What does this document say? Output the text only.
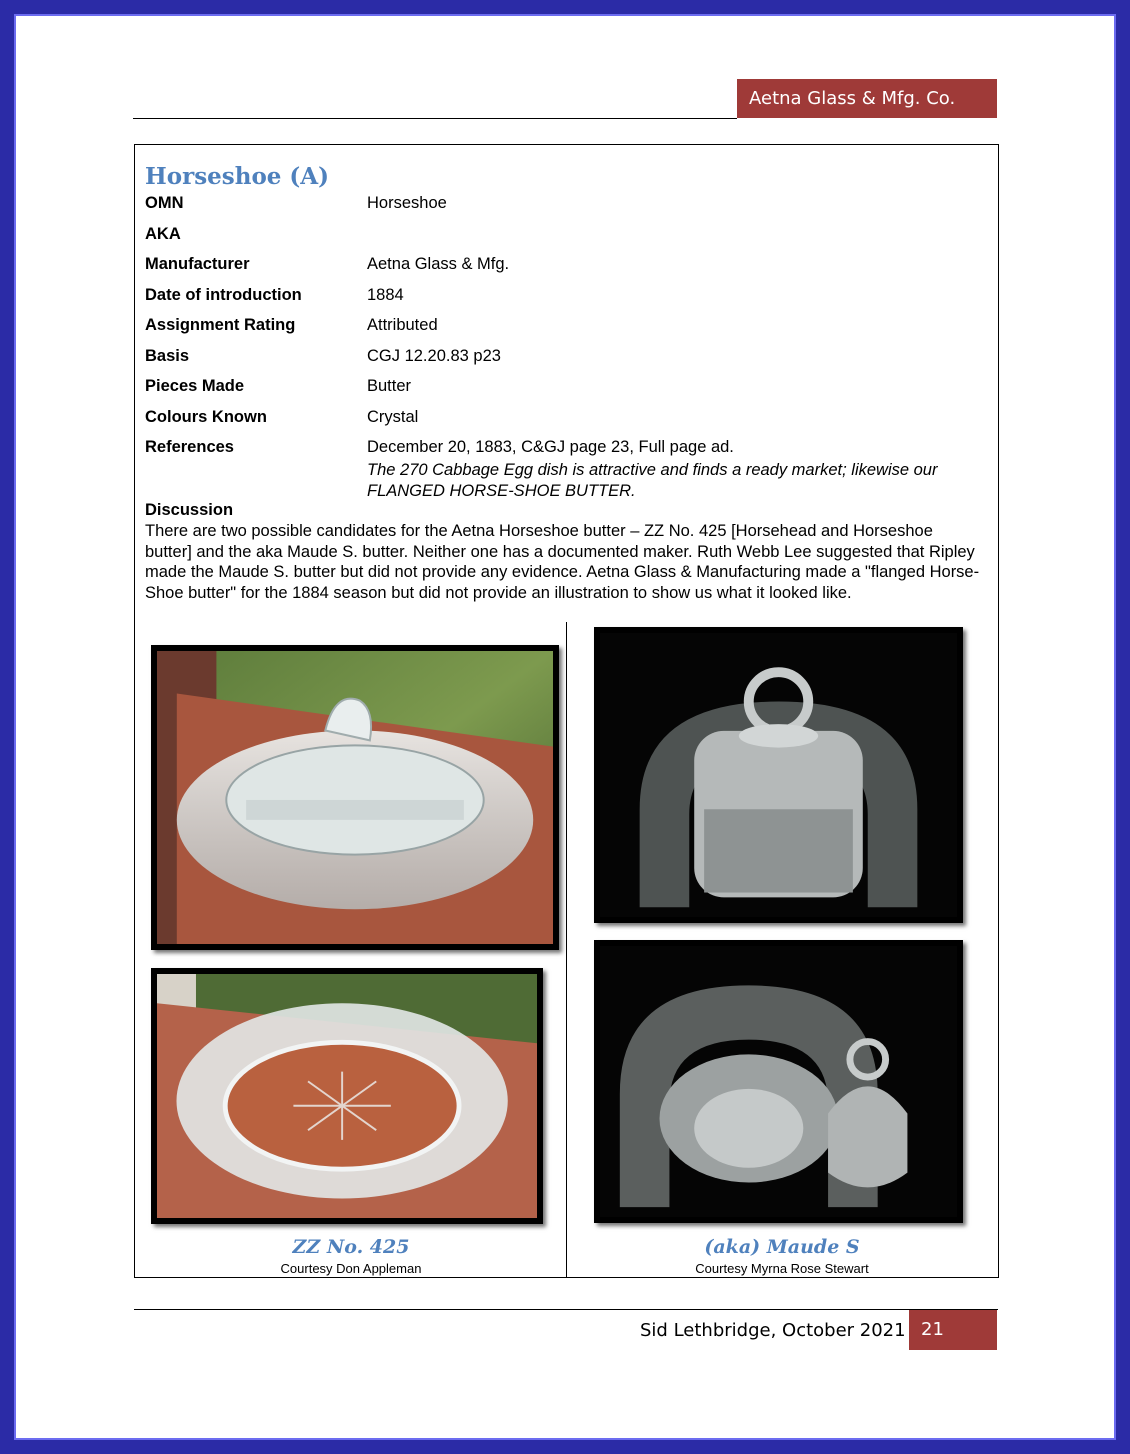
Aetna Glass & Mfg. Co.
Horseshoe (A)
OMN	Horseshoe
AKA
Manufacturer	Aetna Glass & Mfg.
Date of introduction	1884
Assignment Rating	Attributed
Basis	CGJ 12.20.83 p23
Pieces Made	Butter
Colours Known	Crystal
References	December 20, 1883, C&GJ page 23, Full page ad.
The 270 Cabbage Egg dish is attractive and finds a ready market; likewise our FLANGED HORSE-SHOE BUTTER.
Discussion
There are two possible candidates for the Aetna Horseshoe butter – ZZ No. 425 [Horsehead and Horseshoe butter] and the aka Maude S. butter. Neither one has a documented maker. Ruth Webb Lee suggested that Ripley made the Maude S. butter but did not provide any evidence. Aetna Glass & Manufacturing made a "flanged Horse-Shoe butter" for the 1884 season but did not provide an illustration to show us what it looked like.
ZZ No. 425
Courtesy Don Appleman
(aka) Maude S
Courtesy Myrna Rose Stewart
Sid Lethbridge, October 2021 21
